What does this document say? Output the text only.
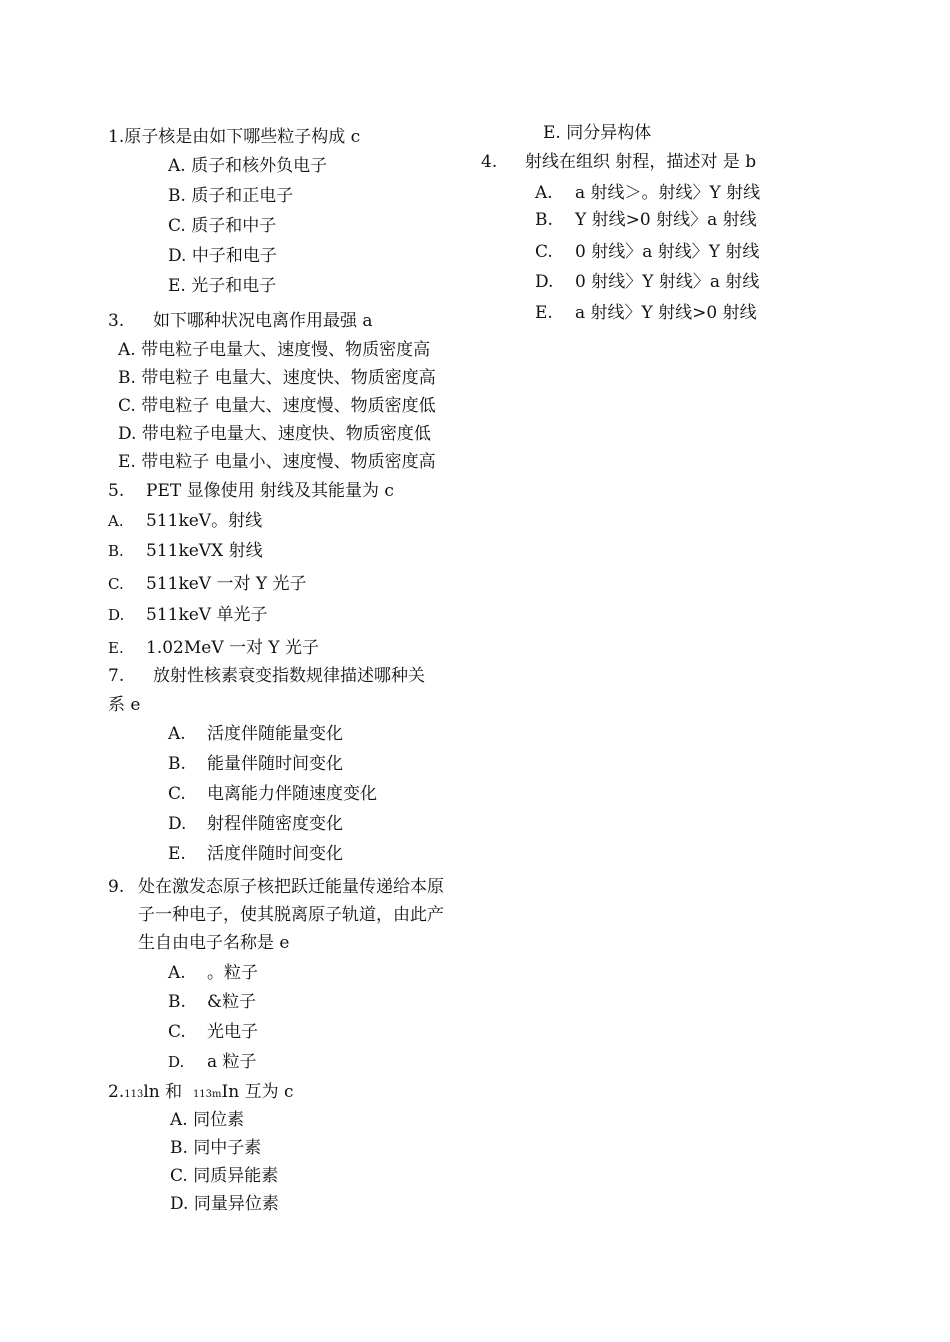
1.原子核是由如下哪些粒子构成 c
A. 质子和核外负电子
B. 质子和正电子
C. 质子和中子
D. 中子和电子
E. 光子和电子
3. 如下哪种状况电离作用最强 a
A. 带电粒子电量大、速度慢、物质密度高
B. 带电粒子 电量大、速度快、物质密度高
C. 带电粒子 电量大、速度慢、物质密度低
D. 带电粒子电量大、速度快、物质密度低
E. 带电粒子 电量小、速度慢、物质密度高
5. PET 显像使用 射线及其能量为 c
A. 511keV。射线
B. 511keVX 射线
C. 511keV 一对 Y 光子
D. 511keV 单光子
E. 1.02MeV 一对 Y 光子
7. 放射性核素衰变指数规律描述哪种关
系 e
A. 活度伴随能量变化
B. 能量伴随时间变化
C. 电离能力伴随速度变化
D. 射程伴随密度变化
E. 活度伴随时间变化
9. 处在激发态原子核把跃迁能量传递给本原
子一种电子，使其脱离原子轨道，由此产
生自由电子名称是 e
A. 。粒子
B. &粒子
C. 光电子
D. a 粒子
2.113ln 和 113mIn 互为 c
A. 同位素
B. 同中子素
C. 同质异能素
D. 同量异位素
E. 同分异构体
4. 射线在组织 射程，描述对 是 b
A. a 射线＞。射线〉Y 射线
B. Y 射线>0 射线〉a 射线
C. 0 射线〉a 射线〉Y 射线
D. 0 射线〉Y 射线〉a 射线
E. a 射线〉Y 射线>0 射线
